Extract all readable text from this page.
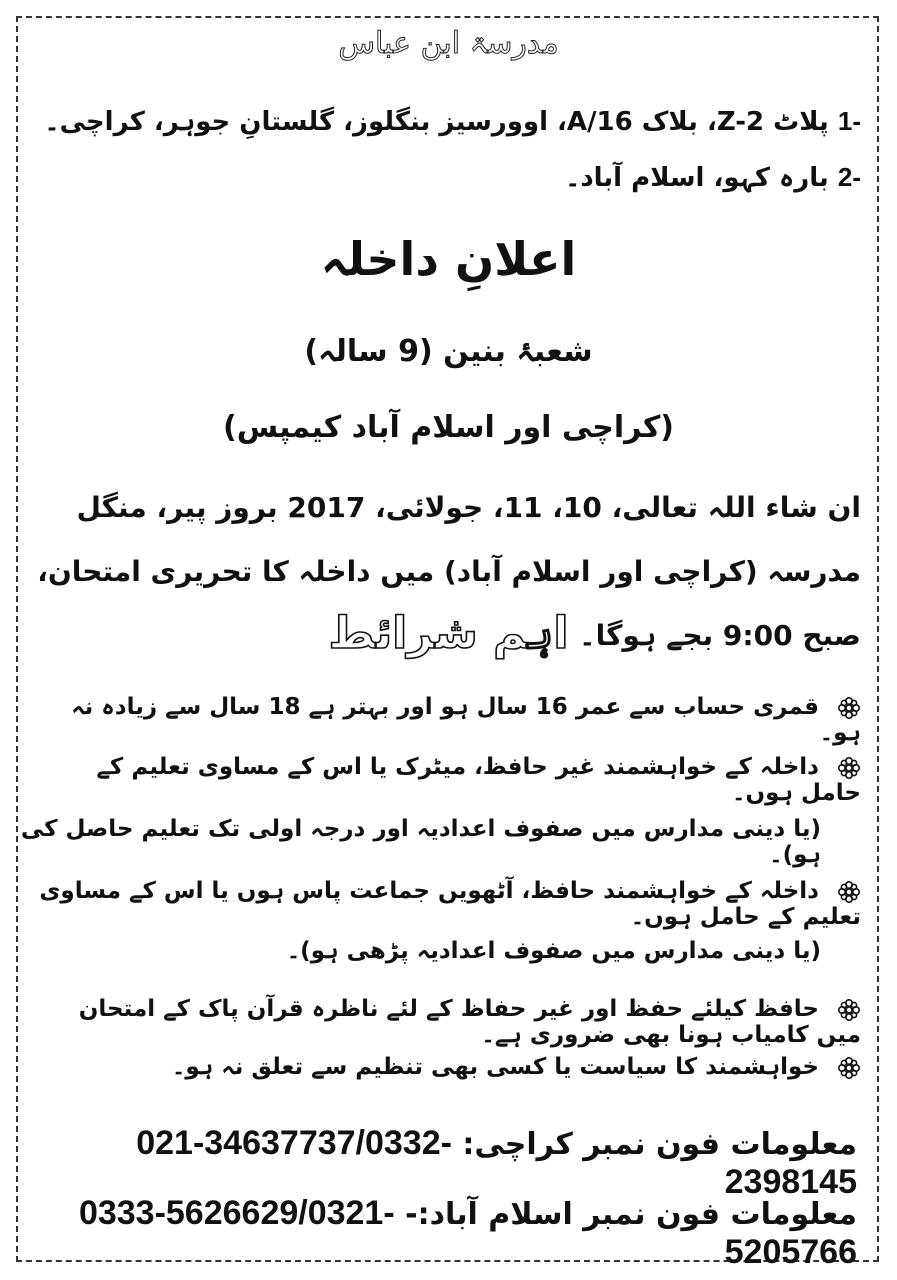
مدرسۃ ابن عباس
-1 پلاٹ Z-2، بلاک 16/A، اوورسیز بنگلوز، گلستانِ جوہر، کراچی۔
-2 بارہ کہو، اسلام آباد۔
اعلانِ داخلہ
شعبۂ بنین (9 سالہ)
(کراچی اور اسلام آباد کیمپس)
ان شاء اللہ تعالی، 10، 11، جولائی، 2017 بروز پیر، منگل مدرسہ (کراچی اور اسلام آباد) میں داخلہ کا تحریری امتحان، صبح 9:00 بجے ہوگا۔
اہم شرائط
قمری حساب سے عمر 16 سال ہو اور بہتر ہے 18 سال سے زیادہ نہ ہو۔
داخلہ کے خواہشمند غیر حافظ، میٹرک یا اس کے مساوی تعلیم کے حامل ہوں۔
(یا دینی مدارس میں صفوف اعدادیہ اور درجہ اولی تک تعلیم حاصل کی ہو)۔
داخلہ کے خواہشمند حافظ، آٹھویں جماعت پاس ہوں یا اس کے مساوی تعلیم کے حامل ہوں۔
(یا دینی مدارس میں صفوف اعدادیہ پڑھی ہو)۔
حافظ کیلئے حفظ اور غیر حفاظ کے لئے ناظرہ قرآن پاک کے امتحان میں کامیاب ہونا بھی ضروری ہے۔
خواہشمند کا سیاست یا کسی بھی تنظیم سے تعلق نہ ہو۔
معلومات فون نمبر کراچی: 021-34637737/0332-2398145
معلومات فون نمبر اسلام آباد:- 0333-5626629/0321-5205766
